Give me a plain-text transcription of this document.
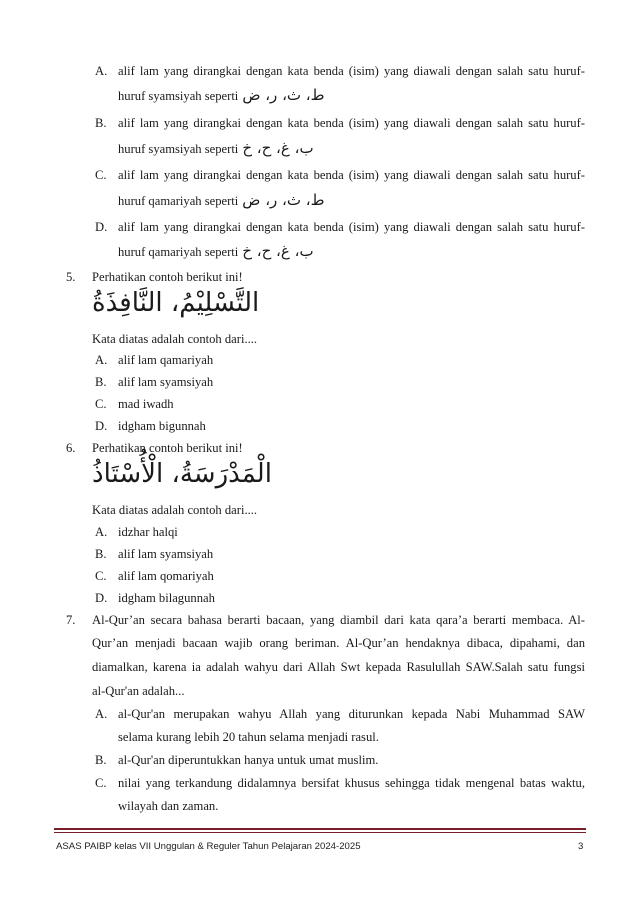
A. alif lam yang dirangkai dengan kata benda (isim) yang diawali dengan salah satu huruf-
huruf syamsiyah seperti ط، ث، ر، ض
B. alif lam yang dirangkai dengan kata benda (isim) yang diawali dengan salah satu huruf-
huruf syamsiyah seperti ب، غ، ح، خ
C. alif lam yang dirangkai dengan kata benda (isim) yang diawali dengan salah satu huruf-
huruf qamariyah seperti ط، ث، ر، ض
D. alif lam yang dirangkai dengan kata benda (isim) yang diawali dengan salah satu huruf-
huruf qamariyah seperti ب، غ، ح، خ
5. Perhatikan contoh berikut ini!
التَّسْلِيْمُ، النَّافِذَةُ
Kata diatas adalah contoh dari....
A. alif lam qamariyah
B. alif lam syamsiyah
C. mad iwadh
D. idgham bigunnah
6. Perhatikan contoh berikut ini!
الْمَدْرَسَةُ، الْأُسْتَاذُ
Kata diatas adalah contoh dari....
A. idzhar halqi
B. alif lam syamsiyah
C. alif lam qomariyah
D. idgham bilagunnah
7. Al-Qur’an secara bahasa berarti bacaan, yang diambil dari kata qara’a berarti membaca. Al-
Qur’an menjadi bacaan wajib orang beriman. Al-Qur’an hendaknya dibaca, dipahami, dan
diamalkan, karena ia adalah wahyu dari Allah Swt kepada Rasulullah SAW.Salah satu fungsi
al-Qur'an adalah...
A. al-Qur'an merupakan wahyu Allah yang diturunkan kepada Nabi Muhammad SAW
selama kurang lebih 20 tahun selama menjadi rasul.
B. al-Qur'an diperuntukkan hanya untuk umat muslim.
C. nilai yang terkandung didalamnya bersifat khusus sehingga tidak mengenal batas waktu,
wilayah dan zaman.
ASAS PAIBP kelas VII Unggulan & Reguler Tahun Pelajaran 2024-2025	3
